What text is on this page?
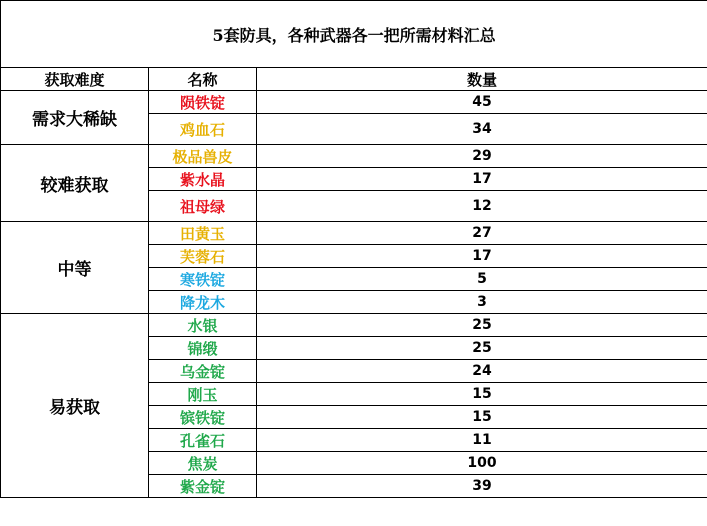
5套防具，各种武器各一把所需材料汇总		
获取难度	名称	数量
需求大稀缺	陨铁锭	45
	鸡血石	34
较难获取	极品兽皮	29
	紫水晶	17
	祖母绿	12
中等	田黄玉	27
	芙蓉石	17
	寒铁锭	5
	降龙木	3
易获取	水银	25
	锦缎	25
	乌金锭	24
	刚玉	15
	镔铁锭	15
	孔雀石	11
	焦炭	100
	紫金锭	39
